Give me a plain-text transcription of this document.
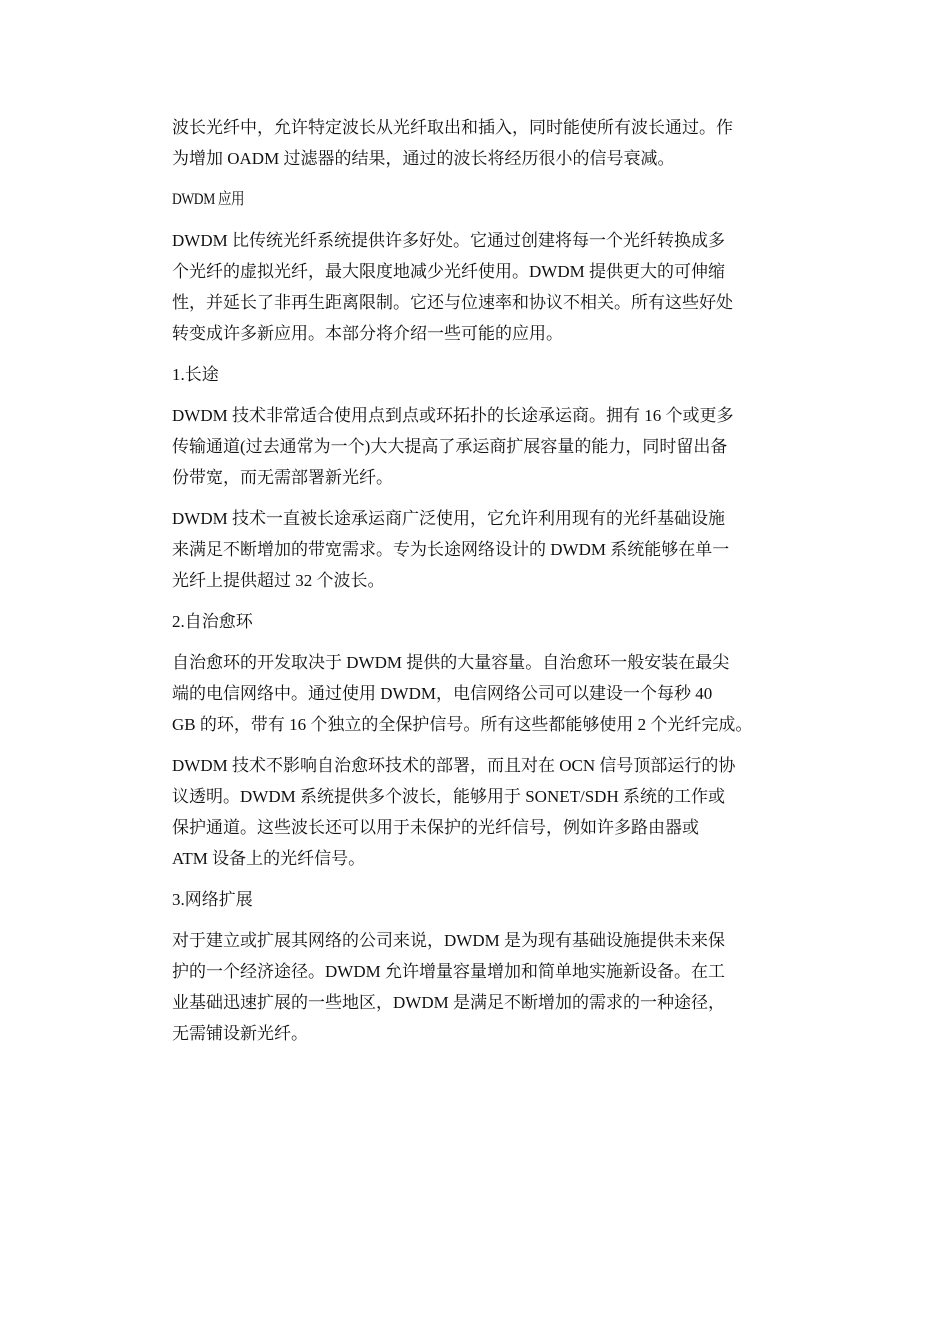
波长光纤中，允许特定波长从光纤取出和插入，同时能使所有波长通过。作
为增加 OADM 过滤器的结果，通过的波长将经历很小的信号衰减。

DWDM 应用

DWDM 比传统光纤系统提供许多好处。它通过创建将每一个光纤转换成多
个光纤的虚拟光纤，最大限度地减少光纤使用。DWDM 提供更大的可伸缩
性，并延长了非再生距离限制。它还与位速率和协议不相关。所有这些好处
转变成许多新应用。本部分将介绍一些可能的应用。

1.长途

DWDM 技术非常适合使用点到点或环拓扑的长途承运商。拥有 16 个或更多
传输通道(过去通常为一个)大大提高了承运商扩展容量的能力，同时留出备
份带宽，而无需部署新光纤。

DWDM 技术一直被长途承运商广泛使用，它允许利用现有的光纤基础设施
来满足不断增加的带宽需求。专为长途网络设计的 DWDM 系统能够在单一
光纤上提供超过 32 个波长。

2.自治愈环

自治愈环的开发取决于 DWDM 提供的大量容量。自治愈环一般安装在最尖
端的电信网络中。通过使用 DWDM，电信网络公司可以建设一个每秒 40
GB 的环，带有 16 个独立的全保护信号。所有这些都能够使用 2 个光纤完成。

DWDM 技术不影响自治愈环技术的部署，而且对在 OCN 信号顶部运行的协
议透明。DWDM 系统提供多个波长，能够用于 SONET/SDH 系统的工作或
保护通道。这些波长还可以用于未保护的光纤信号，例如许多路由器或
ATM 设备上的光纤信号。

3.网络扩展

对于建立或扩展其网络的公司来说，DWDM 是为现有基础设施提供未来保
护的一个经济途径。DWDM 允许增量容量增加和简单地实施新设备。在工
业基础迅速扩展的一些地区，DWDM 是满足不断增加的需求的一种途径，
无需铺设新光纤。
